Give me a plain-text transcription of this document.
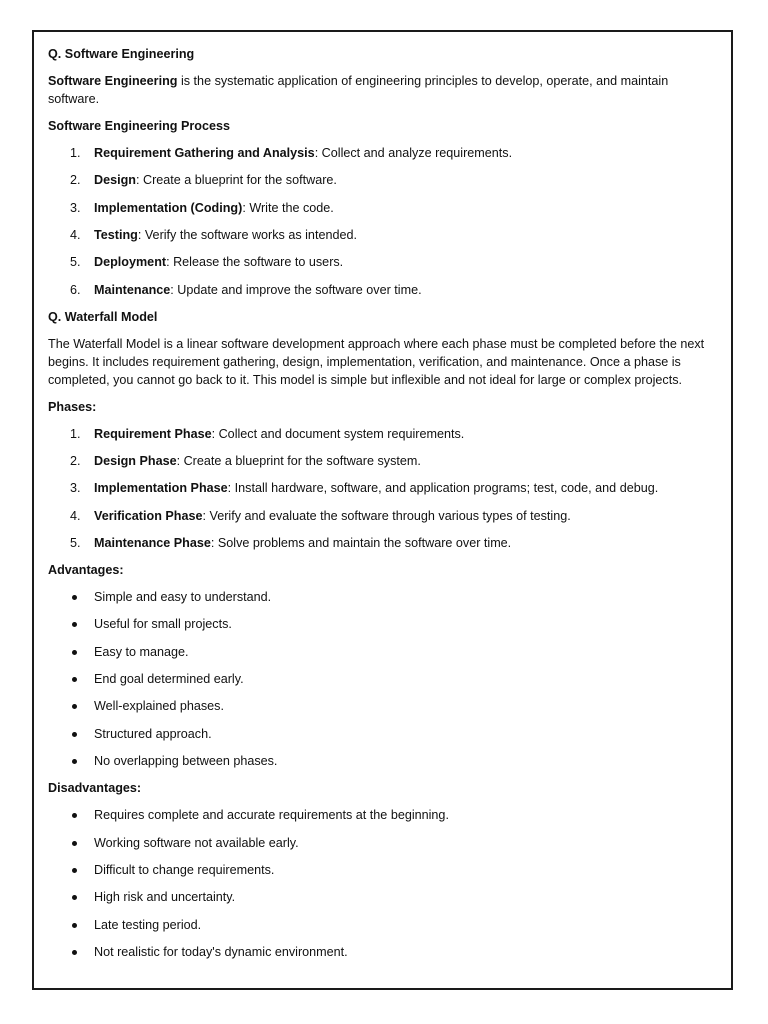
Q. Software Engineering

Software Engineering is the systematic application of engineering principles to develop, operate, and maintain software.

Software Engineering Process
1. Requirement Gathering and Analysis: Collect and analyze requirements.
2. Design: Create a blueprint for the software.
3. Implementation (Coding): Write the code.
4. Testing: Verify the software works as intended.
5. Deployment: Release the software to users.
6. Maintenance: Update and improve the software over time.
Q. Waterfall Model

The Waterfall Model is a linear software development approach where each phase must be completed before the next begins. It includes requirement gathering, design, implementation, verification, and maintenance. Once a phase is completed, you cannot go back to it. This model is simple but inflexible and not ideal for large or complex projects.

Phases:
1. Requirement Phase: Collect and document system requirements.
2. Design Phase: Create a blueprint for the software system.
3. Implementation Phase: Install hardware, software, and application programs; test, code, and debug.
4. Verification Phase: Verify and evaluate the software through various types of testing.
5. Maintenance Phase: Solve problems and maintain the software over time.
Advantages:
Simple and easy to understand.
Useful for small projects.
Easy to manage.
End goal determined early.
Well-explained phases.
Structured approach.
No overlapping between phases.
Disadvantages:
Requires complete and accurate requirements at the beginning.
Working software not available early.
Difficult to change requirements.
High risk and uncertainty.
Late testing period.
Not realistic for today's dynamic environment.
